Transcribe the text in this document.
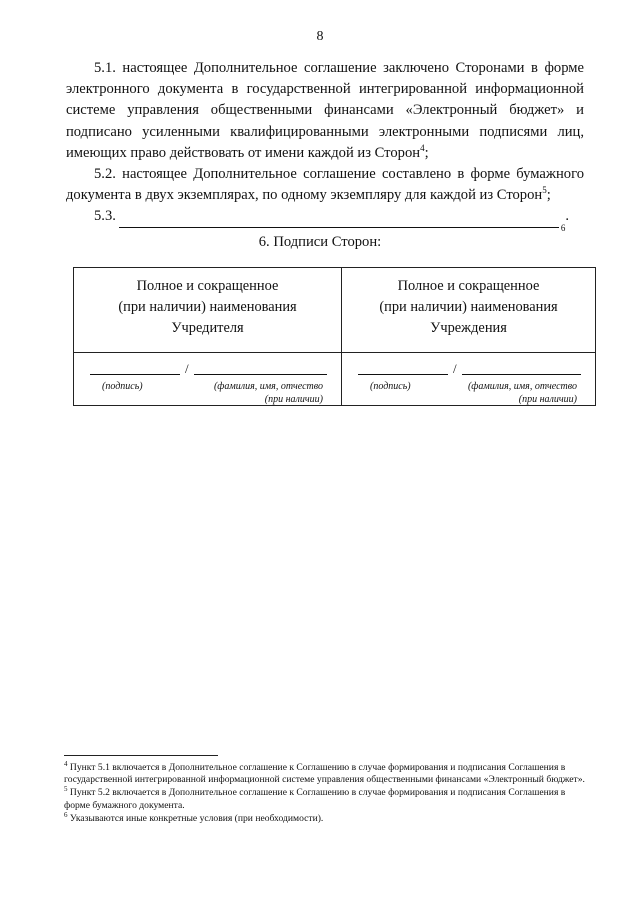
8

5.1. настоящее Дополнительное соглашение заключено Сторонами в форме электронного документа в государственной интегрированной информационной системе управления общественными финансами «Электронный бюджет» и подписано усиленными квалифицированными электронными подписями лиц, имеющих право действовать от имени каждой из Сторон$^4$;

5.2. настоящее Дополнительное соглашение составлено в форме бумажного документа в двух экземплярах, по одному экземпляру для каждой из Сторон$^5$;

5.3.
6
.

6. Подписи Сторон:
Полное и сокращенное
(при наличии) наименования
Учредителя
Полное и сокращенное
(при наличии) наименования
Учреждения
/
(подпись)	(фамилия, имя, отчество
(при наличии)
/
(подпись)	(фамилия, имя, отчество
(при наличии)

$^4$ Пункт 5.1 включается в Дополнительное соглашение к Соглашению в случае формирования и подписания Соглашения в государственной интегрированной информационной системе управления общественными финансами «Электронный бюджет».

$^5$ Пункт 5.2 включается в Дополнительное соглашение к Соглашению в случае формирования и подписания Соглашения в форме бумажного документа.

$^6$ Указываются иные конкретные условия (при необходимости).
